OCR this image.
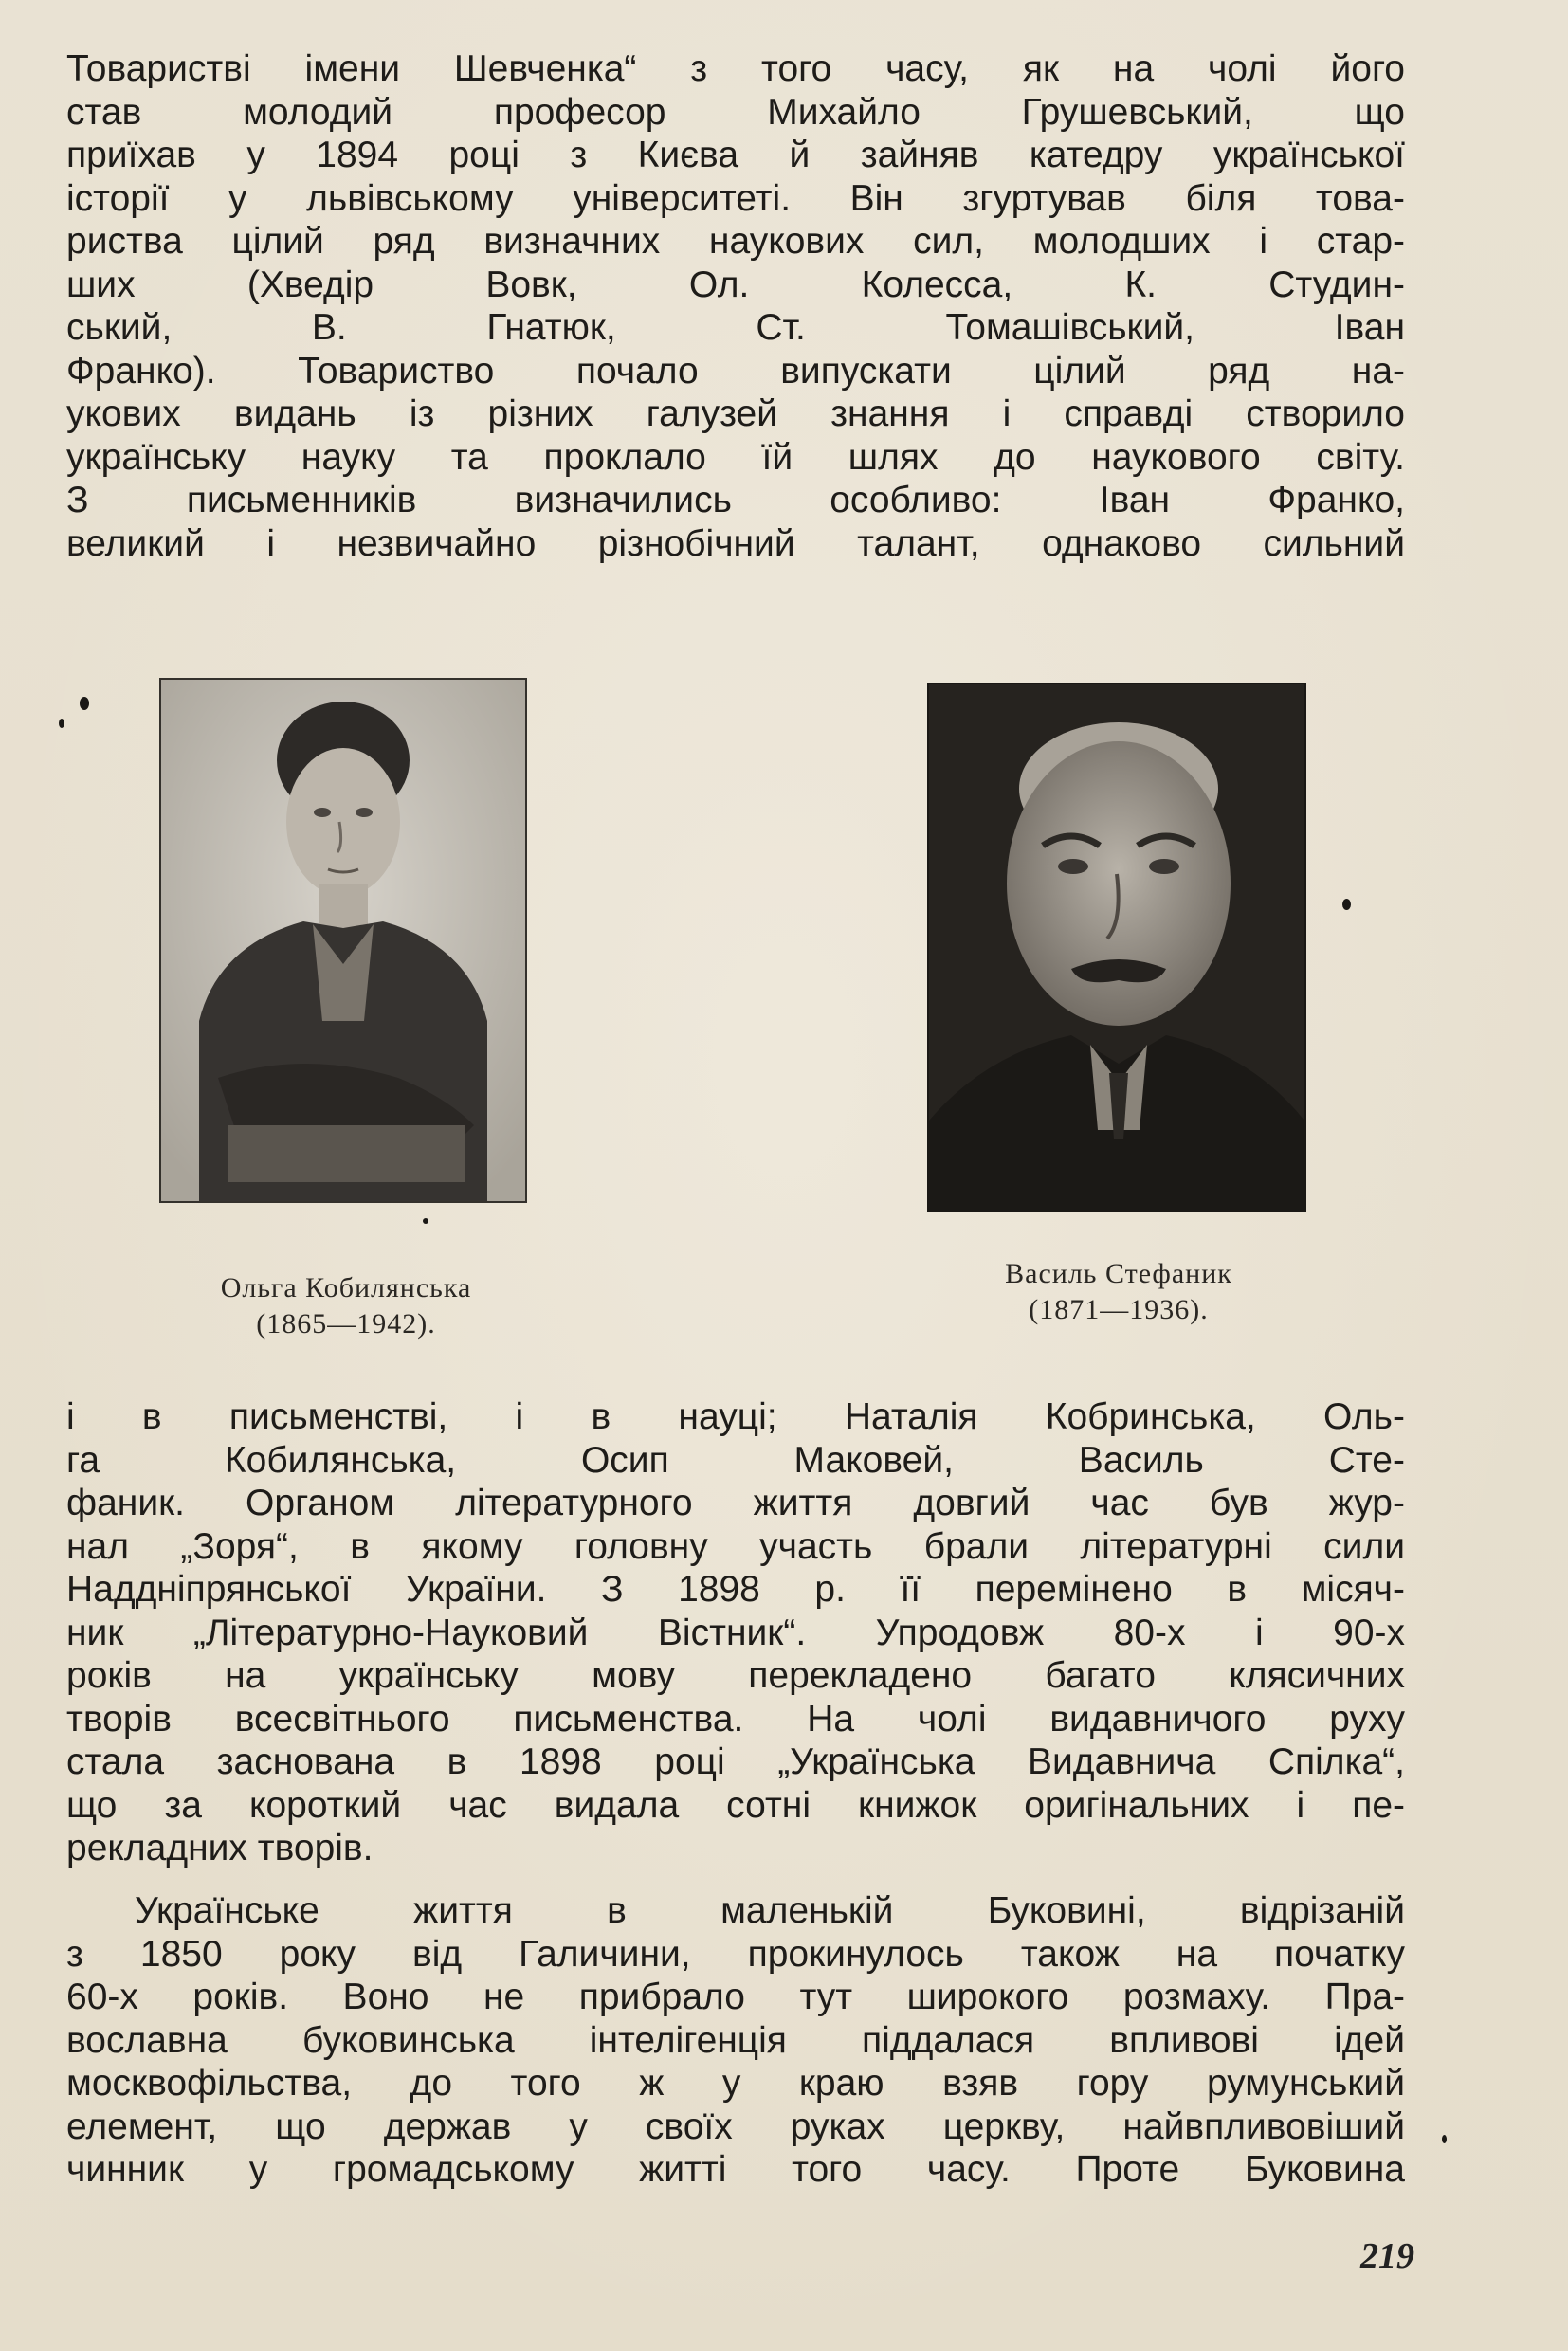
Товаристві імени Шевченка“ з того часу, як на чолі його
став молодий професор Михайло Грушевський, що
приїхав у 1894 році з Києва й зайняв катедру української
історії у львівському університеті. Він згуртував біля това-
риства цілий ряд визначних наукових сил, молодших і стар-
ших (Хведір Вовк, Ол. Колесса, К. Студин-
ський, В. Гнатюк, Ст. Томашівський, Іван
Франко). Товариство почало випускати цілий ряд на-
укових видань із різних галузей знання і справді створило
українську науку та проклало їй шлях до наукового світу.
З письменників визначились особливо: Іван Франко,
великий і незвичайно різнобічний талант, однаково сильний
Ольга Кобилянська
(1865—1942).
Василь Стефаник
(1871—1936).
і в письменстві, і в науці; Наталія Кобринська, Оль-
га Кобилянська, Осип Маковей, Василь Сте-
фаник. Органом літературного життя довгий час був жур-
нал „Зоря“, в якому головну участь брали літературні сили
Наддніпрянської України. З 1898 р. її перемінено в місяч-
ник „Літературно-Науковий Вістник“. Упродовж 80-х і 90-х
років на українську мову перекладено багато клясичних
творів всесвітнього письменства. На чолі видавничого руху
стала заснована в 1898 році „Українська Видавнича Спілка“,
що за короткий час видала сотні книжок оригінальних і пе-
рекладних творів.
Українське життя в маленькій Буковині, відрізаній
з 1850 року від Галичини, прокинулось також на початку
60-х років. Воно не прибрало тут широкого розмаху. Пра-
вославна буковинська інтелігенція піддалася впливові ідей
москвофільства, до того ж у краю взяв гору румунський
елемент, що держав у своїх руках церкву, найвпливовіший
чинник у громадському житті того часу. Проте Буковина
219
